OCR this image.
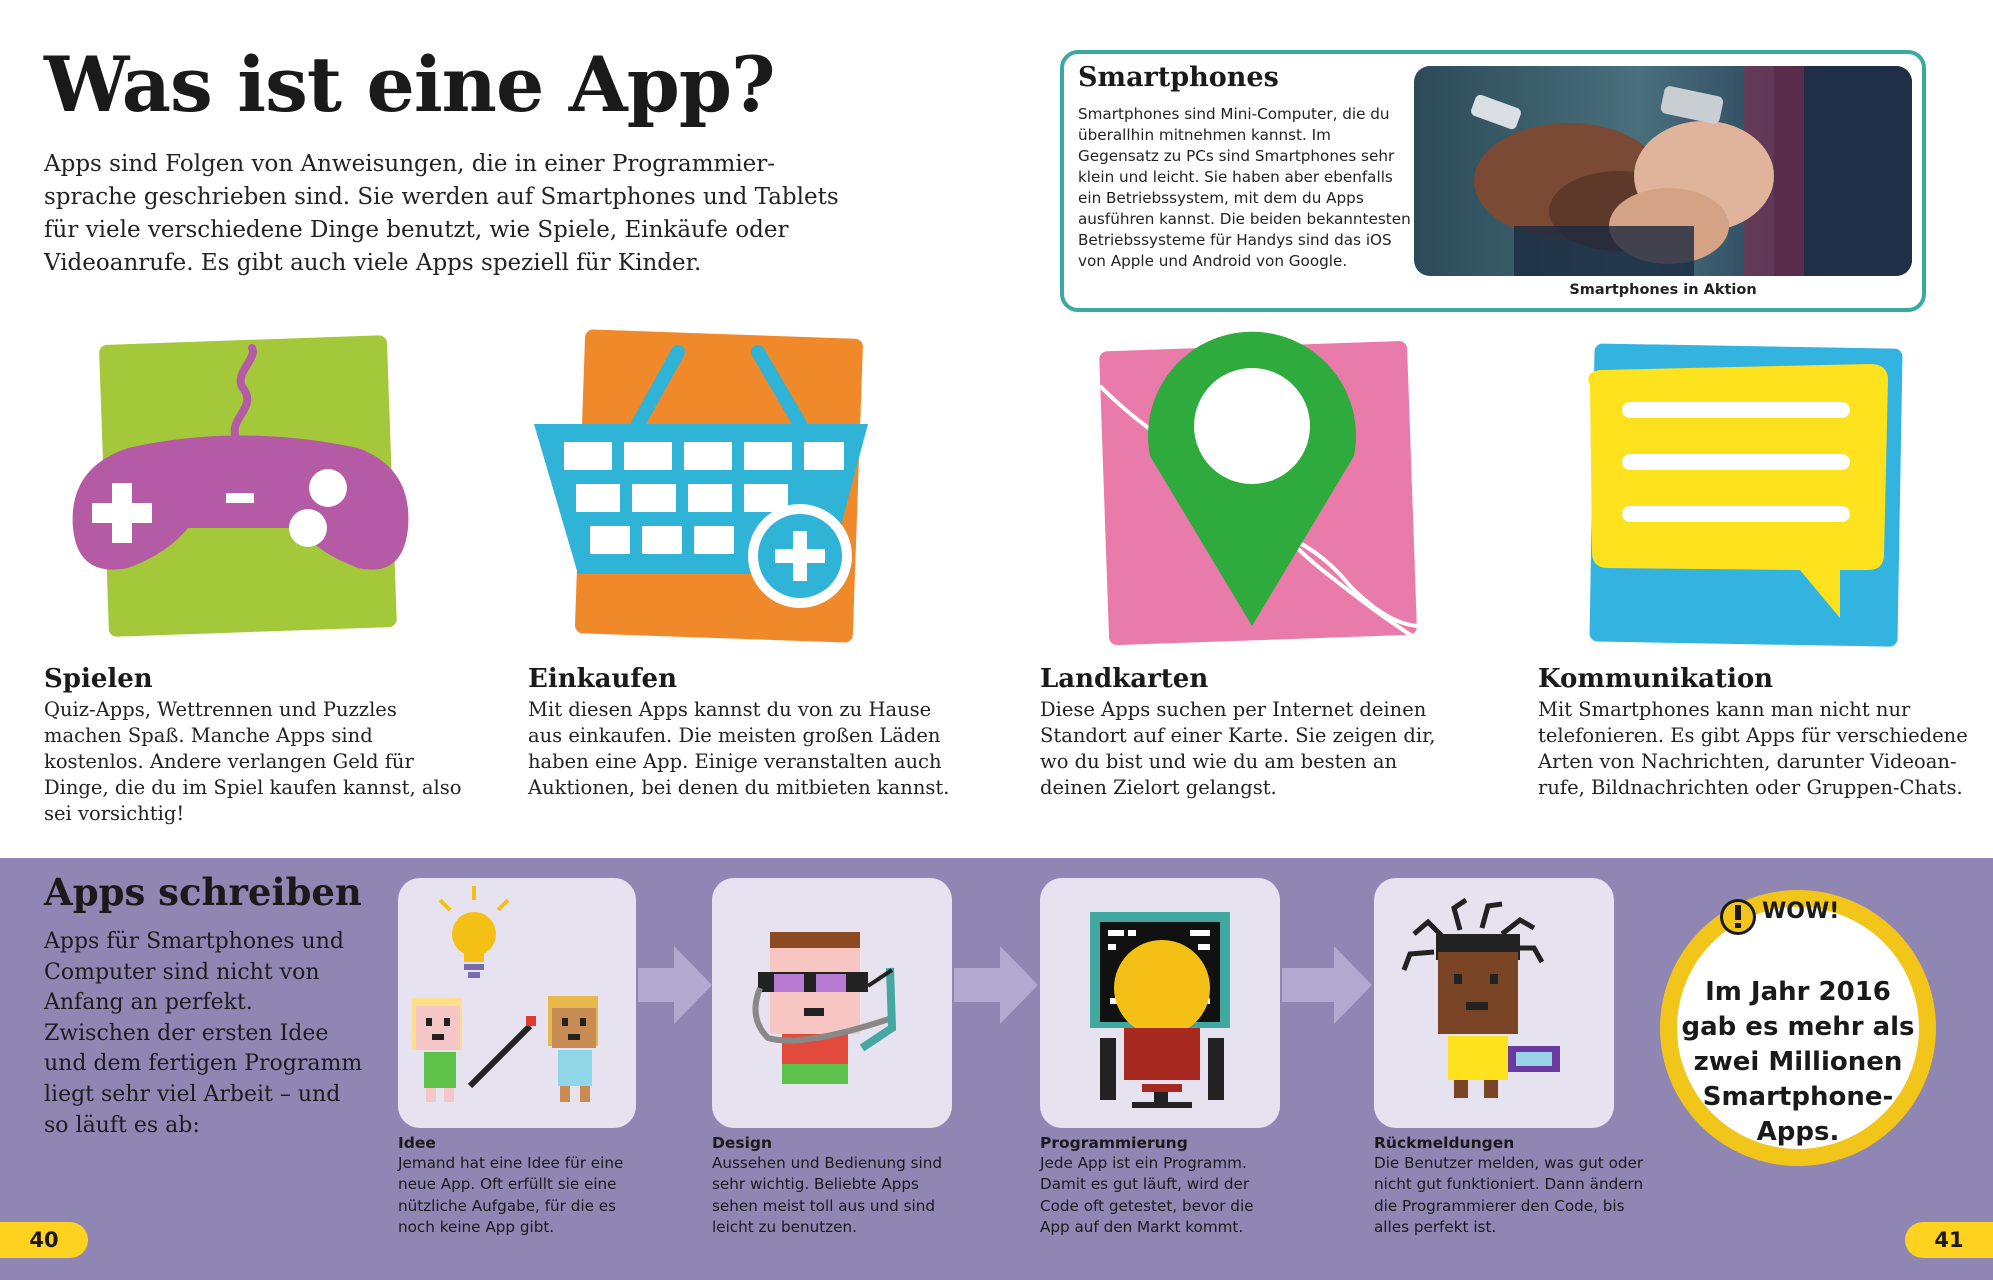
Was ist eine App?

Apps sind Folgen von Anweisungen, die in einer Programmier-sprache geschrieben sind. Sie werden auf Smartphones und Tablets für viele verschiedene Dinge benutzt, wie Spiele, Einkäufe oder Videoanrufe. Es gibt auch viele Apps speziell für Kinder.

Smartphones

Smartphones sind Mini-Computer, die du überallhin mitnehmen kannst. Im Gegensatz zu PCs sind Smartphones sehr klein und leicht. Sie haben aber ebenfalls ein Betriebssystem, mit dem du Apps ausführen kannst. Die beiden bekanntesten Betriebssysteme für Handys sind das iOS von Apple und Android von Google.

Smartphones in Aktion
Spielen

Quiz-Apps, Wettrennen und Puzzles machen Spaß. Manche Apps sind kostenlos. Andere verlangen Geld für Dinge, die du im Spiel kaufen kannst, also sei vorsichtig!

Einkaufen

Mit diesen Apps kannst du von zu Hause aus einkaufen. Die meisten großen Läden haben eine App. Einige veranstalten auch Auktionen, bei denen du mitbieten kannst.

Landkarten

Diese Apps suchen per Internet deinen Standort auf einer Karte. Sie zeigen dir, wo du bist und wie du am besten an deinen Zielort gelangst.

Kommunikation

Mit Smartphones kann man nicht nur telefonieren. Es gibt Apps für verschiedene Arten von Nachrichten, darunter Videoan-rufe, Bildnachrichten oder Gruppen-Chats.

Apps schreiben

Apps für Smartphones und Computer sind nicht von Anfang an perfekt. Zwischen der ersten Idee und dem fertigen Programm liegt sehr viel Arbeit – und so läuft es ab:

Idee

Jemand hat eine Idee für eine neue App. Oft erfüllt sie eine nützliche Aufgabe, für die es noch keine App gibt.

Design

Aussehen und Bedienung sind sehr wichtig. Beliebte Apps sehen meist toll aus und sind leicht zu benutzen.

Programmierung

Jede App ist ein Programm. Damit es gut läuft, wird der Code oft getestet, bevor die App auf den Markt kommt.

Rückmeldungen

Die Benutzer melden, was gut oder nicht gut funktioniert. Dann ändern die Programmierer den Code, bis alles perfekt ist.

WOW!

Im Jahr 2016 gab es mehr als zwei Millionen Smartphone-Apps.

40	41
